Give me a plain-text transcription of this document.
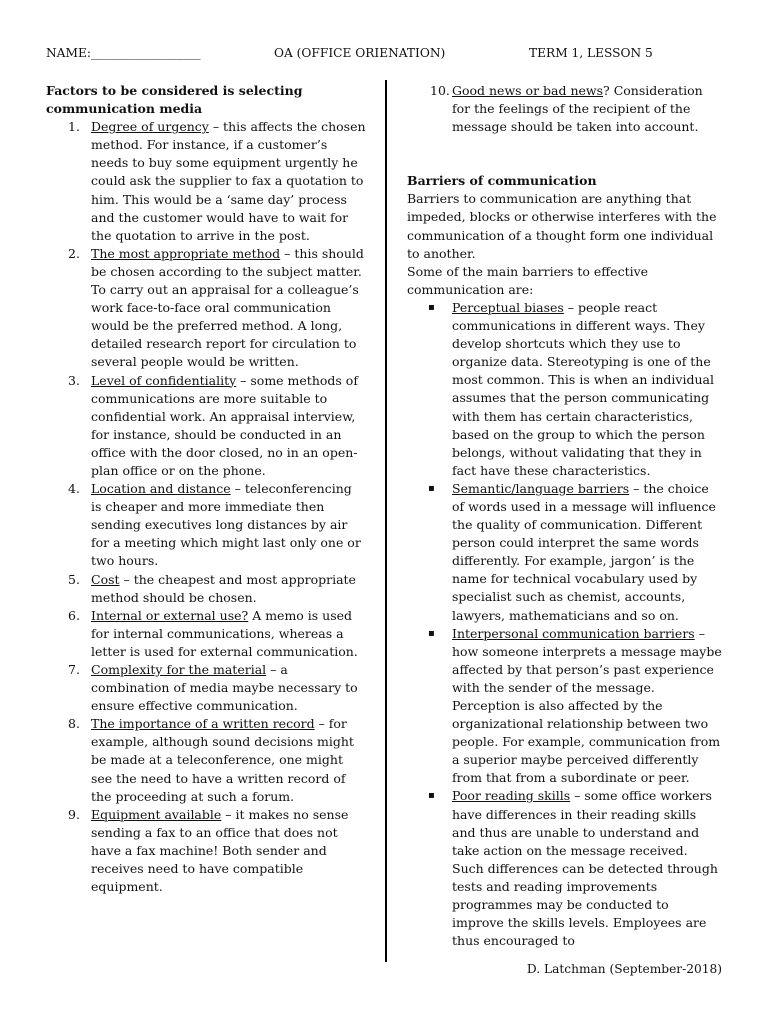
NAME:__________________	OA (OFFICE ORIENATION)	TERM 1, LESSON 5
Factors to be considered is selecting
communication media
1. Degree of urgency – this affects the chosen method. For instance, if a customer’s needs to buy some equipment urgently he could ask the supplier to fax a quotation to him. This would be a ‘same day’ process and the customer would have to wait for the quotation to arrive in the post.
2. The most appropriate method – this should be chosen according to the subject matter. To carry out an appraisal for a colleague’s work face-to-face oral communication would be the preferred method. A long, detailed research report for circulation to several people would be written.
3. Level of confidentiality – some methods of communications are more suitable to confidential work. An appraisal interview, for instance, should be conducted in an office with the door closed, no in an open-plan office or on the phone.
4. Location and distance – teleconferencing is cheaper and more immediate then sending executives long distances by air for a meeting which might last only one or two hours.
5. Cost – the cheapest and most appropriate method should be chosen.
6. Internal or external use? A memo is used for internal communications, whereas a letter is used for external communication.
7. Complexity for the material – a combination of media maybe necessary to ensure effective communication.
8. The importance of a written record – for example, although sound decisions might be made at a teleconference, one might see the need to have a written record of the proceeding at such a forum.
9. Equipment available – it makes no sense sending a fax to an office that does not have a fax machine! Both sender and receives need to have compatible equipment.
10. Good news or bad news? Consideration for the feelings of the recipient of the message should be taken into account.
Barriers of communication
Barriers to communication are anything that impeded, blocks or otherwise interferes with the communication of a thought form one individual to another.
Some of the main barriers to effective communication are:
▪ Perceptual biases – people react communications in different ways. They develop shortcuts which they use to organize data. Stereotyping is one of the most common. This is when an individual assumes that the person communicating with them has certain characteristics, based on the group to which the person belongs, without validating that they in fact have these characteristics.
▪ Semantic/language barriers – the choice of words used in a message will influence the quality of communication. Different person could interpret the same words differently. For example, jargon’ is the name for technical vocabulary used by specialist such as chemist, accounts, lawyers, mathematicians and so on.
▪ Interpersonal communication barriers – how someone interprets a message maybe affected by that person’s past experience with the sender of the message. Perception is also affected by the organizational relationship between two people. For example, communication from a superior maybe perceived differently from that from a subordinate or peer.
▪ Poor reading skills – some office workers have differences in their reading skills and thus are unable to understand and take action on the message received. Such differences can be detected through tests and reading improvements programmes may be conducted to improve the skills levels. Employees are thus encouraged to
D. Latchman (September-2018)
